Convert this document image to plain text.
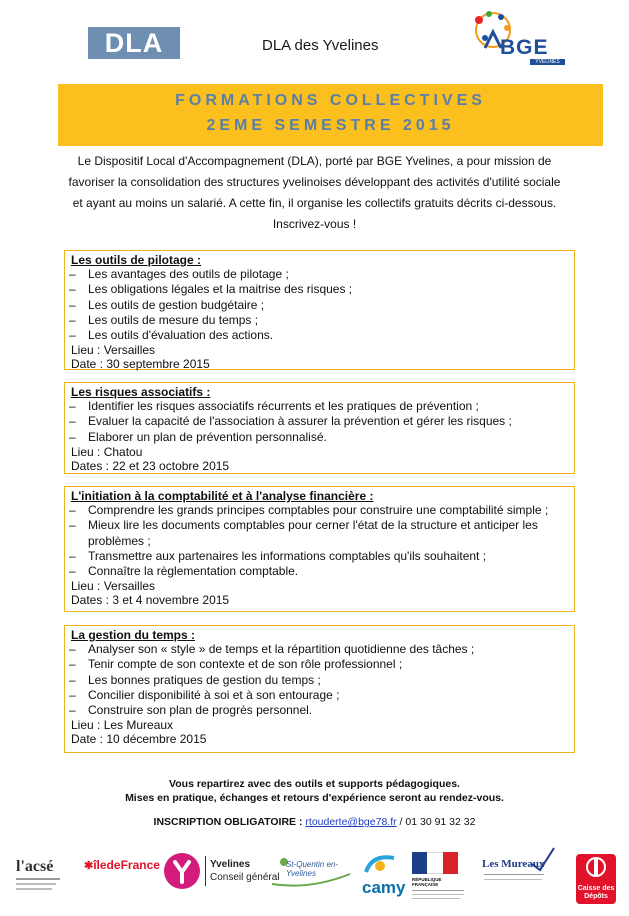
DLA	DLA des Yvelines	BGE
YVELINES
FORMATIONS COLLECTIVES
2EME SEMESTRE 2015
Le Dispositif Local d'Accompagnement (DLA), porté par BGE Yvelines, a pour mission de
favoriser la consolidation des structures yvelinoises développant des activités d'utilité sociale
et ayant au moins un salarié. A cette fin, il organise les collectifs gratuits décrits ci-dessous.
Inscrivez-vous !
Les outils de pilotage :
– Les avantages des outils de pilotage ;
– Les obligations légales et la maitrise des risques ;
– Les outils de gestion budgétaire ;
– Les outils de mesure du temps ;
– Les outils d'évaluation des actions.
Lieu : Versailles
Date : 30 septembre 2015
Les risques associatifs :
– Identifier les risques associatifs récurrents et les pratiques de prévention ;
– Evaluer la capacité de l'association à assurer la prévention et gérer les risques ;
– Elaborer un plan de prévention personnalisé.
Lieu : Chatou
Dates : 22 et 23 octobre 2015
L'initiation à la comptabilité et à l'analyse financière :
– Comprendre les grands principes comptables pour construire une comptabilité simple ;
– Mieux lire les documents comptables pour cerner l'état de la structure et anticiper les problèmes ;
– Transmettre aux partenaires les informations comptables qu'ils souhaitent ;
– Connaître la règlementation comptable.
Lieu : Versailles
Dates : 3 et 4 novembre 2015
La gestion du temps :
– Analyser son « style » de temps et la répartition quotidienne des tâches ;
– Tenir compte de son contexte et de son rôle professionnel ;
– Les bonnes pratiques de gestion du temps ;
– Concilier disponibilité à soi et à son entourage ;
– Construire son plan de progrès personnel.
Lieu : Les Mureaux
Date : 10 décembre 2015
Vous repartirez avec des outils et supports pédagogiques.
Mises en pratique, échanges et retours d'expérience seront au rendez-vous.
INSCRIPTION OBLIGATOIRE : rtouderte@bge78.fr / 01 30 91 32 32
l'acsé	✱îledeFrance	Yvelines
Conseil général
St-Quentin en-Yvelines
camy	RÉPUBLIQUE FRANÇAISE
Les Mureaux
Caisse des Dépôts
